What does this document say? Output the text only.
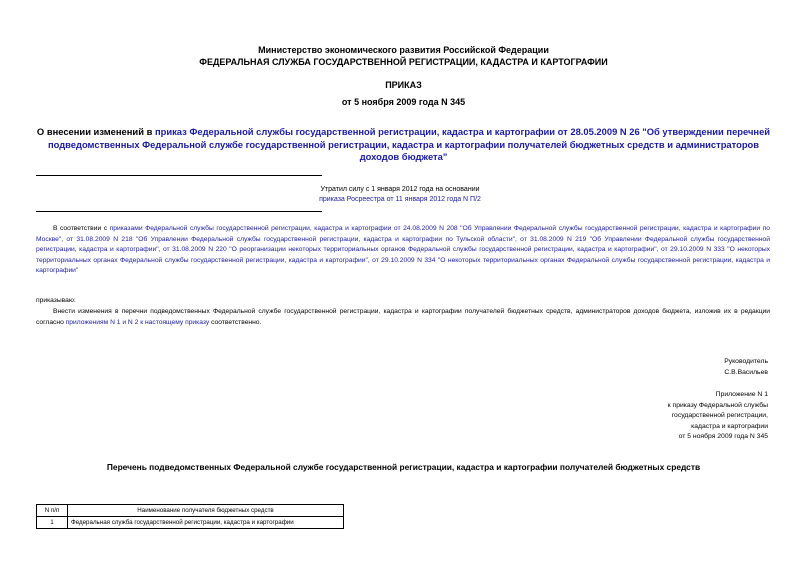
Министерство экономического развития Российской Федерации
ФЕДЕРАЛЬНАЯ СЛУЖБА ГОСУДАРСТВЕННОЙ РЕГИСТРАЦИИ, КАДАСТРА И КАРТОГРАФИИ
ПРИКАЗ
от 5 ноября 2009 года N 345
О внесении изменений в приказ Федеральной службы государственной регистрации, кадастра и картографии от 28.05.2009 N 26 "Об утверждении перечней подведомственных Федеральной службе государственной регистрации, кадастра и картографии получателей бюджетных средств и администраторов доходов бюджета"
Утратил силу с 1 января 2012 года на основании
приказа Росреестра от 11 января 2012 года N П/2
В соответствии с приказами Федеральной службы государственной регистрации, кадастра и картографии от 24.08.2009 N 208 "Об Управлении Федеральной службы государственной регистрации, кадастра и картографии по Москве", от 31.08.2009 N 218 "Об Управлении Федеральной службы государственной регистрации, кадастра и картографии по Тульской области", от 31.08.2009 N 219 "Об Управлении Федеральной службы государственной регистрации, кадастра и картографии", от 31.08.2009 N 220 "О реорганизации некоторых территориальных органов Федеральной службы государственной регистрации, кадастра и картографии", от 29.10.2009 N 333 "О некоторых территориальных органах Федеральной службы государственной регистрации, кадастра и картографии", от 29.10.2009 N 334 "О некоторых территориальных органах Федеральной службы государственной регистрации, кадастра и картографии"
приказываю:
Внести изменения в перечни подведомственных Федеральной службе государственной регистрации, кадастра и картографии получателей бюджетных средств, администраторов доходов бюджета, изложив их в редакции согласно приложениям N 1 и N 2 к настоящему приказу соответственно.
Руководитель
С.В.Васильев
Приложение N 1
к приказу Федеральной службы
государственной регистрации,
кадастра и картографии
от 5 ноября 2009 года N 345
Перечень подведомственных Федеральной службе государственной регистрации, кадастра и картографии получателей бюджетных средств
N п/п	Наименование получателя бюджетных средств
1	Федеральная служба государственной регистрации, кадастра и картографии
